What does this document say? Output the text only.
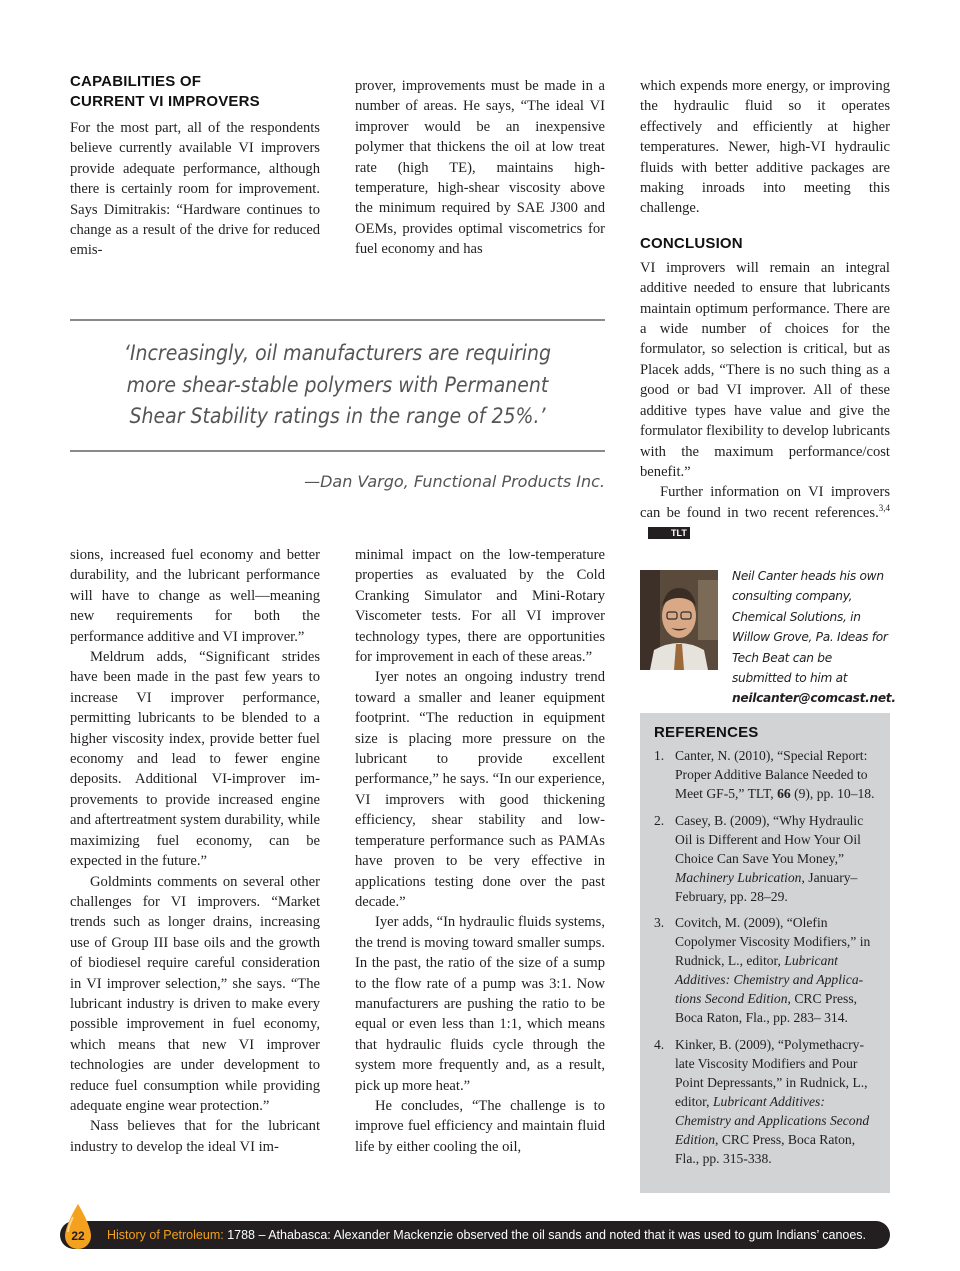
CAPABILITIES OF
CURRENT VI IMPROVERS

For the most part, all of the respondents believe currently available VI improvers provide adequate performance, although there is certainly room for improvement. Says Dimitrakis: “Hardware continues to change as a result of the drive for reduced emis-

prover, improvements must be made in a number of areas. He says, “The ideal VI improver would be an inexpensive polymer that thickens the oil at low treat rate (high TE), maintains high-temperature, high-shear viscosity above the minimum required by SAE J300 and OEMs, provides optimal viscometrics for fuel economy and has

‘Increasingly, oil manufacturers are requiring more shear-stable polymers with Permanent Shear Stability ratings in the range of 25%.’
—Dan Vargo, Functional Products Inc.

sions, increased fuel economy and better durability, and the lubricant performance will have to change as well—meaning new requirements for both the performance additive and VI improver.”

Meldrum adds, “Significant strides have been made in the past few years to increase VI improver performance, permitting lubricants to be blended to a higher viscosity index, provide better fuel economy and lead to fewer engine deposits. Additional VI-improver improvements to provide increased engine and aftertreatment system durability, while maximizing fuel economy, can be expected in the future.”

Goldmints comments on several other challenges for VI improvers. “Market trends such as longer drains, increasing use of Group III base oils and the growth of biodiesel require careful consideration in VI improver selection,” she says. “The lubricant industry is driven to make every possible improvement in fuel economy, which means that new VI improver technologies are under development to reduce fuel consumption while providing adequate engine wear protection.”

Nass believes that for the lubricant industry to develop the ideal VI im-

minimal impact on the low-temperature properties as evaluated by the Cold Cranking Simulator and Mini-Rotary Viscometer tests. For all VI improver technology types, there are opportunities for improvement in each of these areas.”

Iyer notes an ongoing industry trend toward a smaller and leaner equipment footprint. “The reduction in equipment size is placing more pressure on the lubricant to provide excellent performance,” he says. “In our experience, VI improvers with good thickening efficiency, shear stability and low-temperature performance such as PAMAs have proven to be very effective in applications testing done over the past decade.”

Iyer adds, “In hydraulic fluids systems, the trend is moving toward smaller sumps. In the past, the ratio of the size of a sump to the flow rate of a pump was 3:1. Now manufacturers are pushing the ratio to be equal or even less than 1:1, which means that hydraulic fluids cycle through the system more frequently and, as a result, pick up more heat.”

He concludes, “The challenge is to improve fuel efficiency and maintain fluid life by either cooling the oil,

which expends more energy, or improving the hydraulic fluid so it operates effectively and efficiently at higher temperatures. Newer, high-VI hydraulic fluids with better additive packages are making inroads into meeting this challenge.

CONCLUSION

VI improvers will remain an integral additive needed to ensure that lubricants maintain optimum performance. There are a wide number of choices for the formulator, so selection is critical, but as Placek adds, “There is no such thing as a good or bad VI improver. All of these additive types have value and give the formulator flexibility to develop lubricants with the maximum performance/cost benefit.”

Further information on VI improvers can be found in two recent references.$^{3,4}$TLT

Neil Canter heads his own consulting company, Chemical Solutions, in Willow Grove, Pa. Ideas for Tech Beat can be submitted to him at neilcanter@comcast.net.
REFERENCES
1. Canter, N. (2010), “Special Report: Proper Additive Balance Needed to Meet GF-5,” TLT, 66 (9), pp. 10–18.
2. Casey, B. (2009), “Why Hydraulic Oil is Different and How Your Oil Choice Can Save You Money,” Machinery Lubrication, January–February, pp. 28–29.
3. Covitch, M. (2009), “Olefin Copolymer Viscosity Modifiers,” in Rudnick, L., editor, Lubricant Additives: Chemistry and Applications Second Edition, CRC Press, Boca Raton, Fla., pp. 283– 314.
4. Kinker, B. (2009), “Polymethacrylate Viscosity Modifiers and Pour Point Depressants,” in Rudnick, L., editor, Lubricant Additives: Chemistry and Applications Second Edition, CRC Press, Boca Raton, Fla., pp. 315-338.
History of Petroleum: 1788 – Athabasca: Alexander Mackenzie observed the oil sands and noted that it was used to gum Indians’ canoes.
22
